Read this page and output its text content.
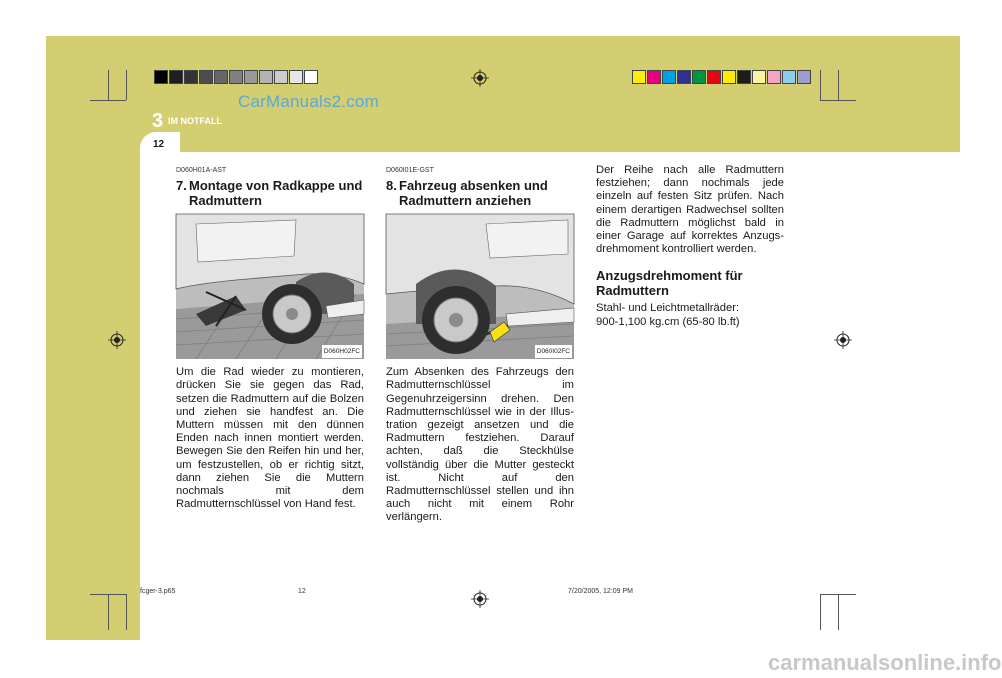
3 IM NOTFALL
12
CarManuals2.com
D060H01A-AST
7. Montage von Radkappe und
Radmuttern
D060H02FC
Um die Rad wieder zu montieren, drücken Sie sie gegen das Rad, setzen die Radmuttern auf die Bolzen und ziehen sie handfest an. Die Muttern müssen mit den dünnen Enden nach innen montiert werden. Bewegen Sie den Reifen hin und her, um festzustellen, ob er richtig sitzt, dann ziehen Sie die Muttern nochmals mit dem Radmutternschlüssel von Hand fest.
D060I01E-GST
8. Fahrzeug absenken und
Radmuttern anziehen
D060I02FC
Zum Absenken des Fahrzeugs den Radmutternschlüssel im Gegenuhrzeigersinn drehen. Den Radmutternschlüssel wie in der Illus-tration gezeigt ansetzen und die Radmuttern festziehen. Darauf achten, daß die Steckhülse vollständig über die Mutter gesteckt ist. Nicht auf den Radmutternschlüssel stellen und ihn auch nicht mit einem Rohr verlängern.
Der Reihe nach alle Radmuttern festziehen; dann nochmals jede einzeln auf festen Sitz prüfen. Nach einem derartigen Radwechsel sollten die Radmuttern möglichst bald in einer Garage auf korrektes Anzugs-drehmoment kontrolliert werden.
Anzugsdrehmoment für Radmuttern
Stahl- und Leichtmetallräder:
900-1,100 kg.cm (65-80 lb.ft)
fcger-3.p65	12	7/20/2005, 12:09 PM
carmanualsonline.info
